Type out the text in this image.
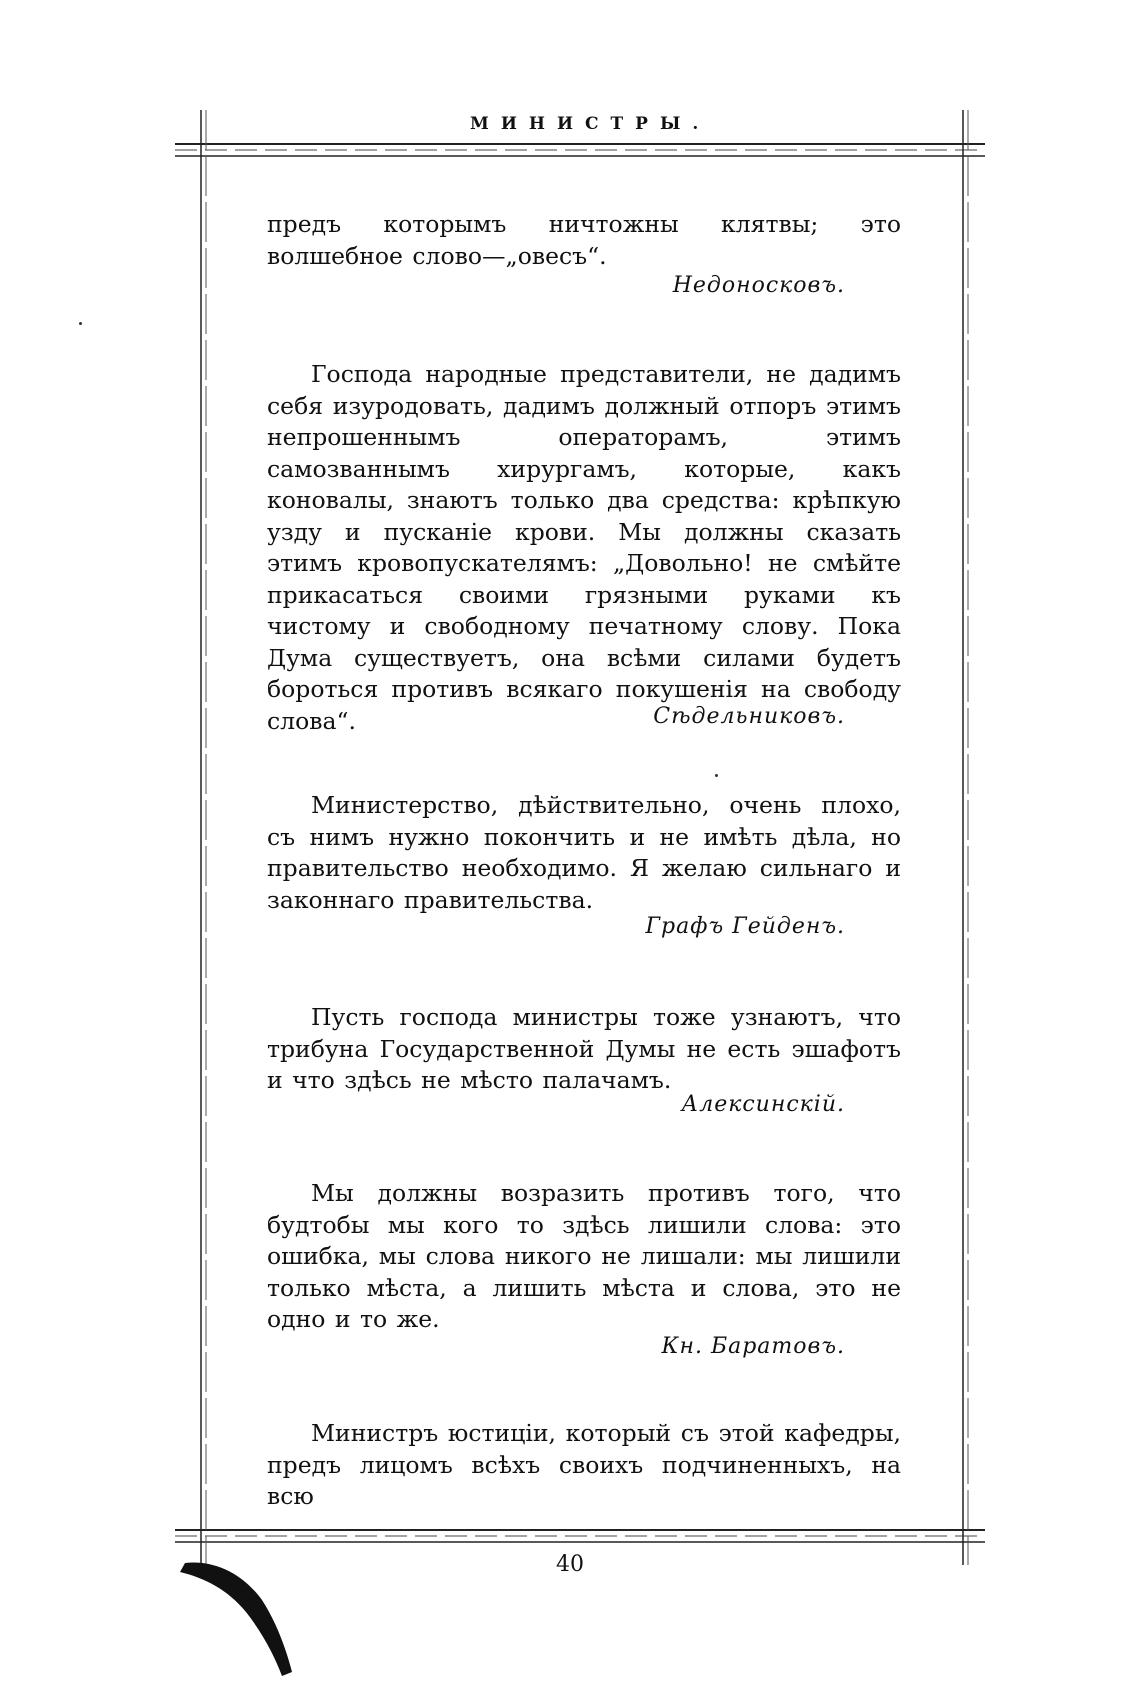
МИНИСТРЫ.

предъ которымъ ничтожны клятвы; это волшебное слово—„овесъ“.

Недоносковъ.

Господа народные представители, не дадимъ себя изуродовать, дадимъ должный отпоръ этимъ непрошеннымъ операторамъ, этимъ самозваннымъ хирургамъ, которые, какъ коновалы, знаютъ только два средства: крѣпкую узду и пусканіе крови. Мы должны сказать этимъ кровопускателямъ: „Довольно! не смѣйте прикасаться своими грязными руками къ чистому и свободному печатному слову. Пока Дума существуетъ, она всѣми силами будетъ бороться противъ всякаго покушенія на свободу слова“.	Сѣдельниковъ.

Министерство, дѣйствительно, очень плохо, съ нимъ нужно покончить и не имѣть дѣла, но правительство необходимо. Я желаю сильнаго и законнаго правительства.

Графъ Гейденъ.

Пусть господа министры тоже узнаютъ, что трибуна Государственной Думы не есть эшафотъ и что здѣсь не мѣсто палачамъ.

Алексинскій.

Мы должны возразить противъ того, что будтобы мы кого то здѣсь лишили слова: это ошибка, мы слова никого не лишали: мы лишили только мѣста, а лишить мѣста и слова, это не одно и то же.

Кн. Баратовъ.

Министръ юстиціи, который съ этой кафедры, предъ лицомъ всѣхъ своихъ подчиненныхъ, на всю

40
